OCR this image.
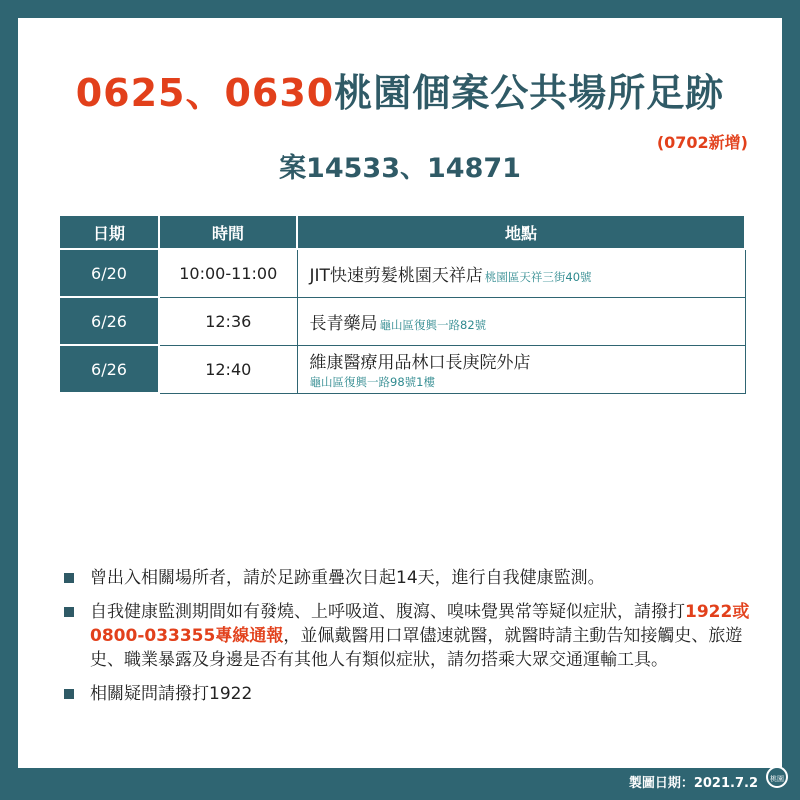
0625、0630桃園個案公共場所足跡
(0702新增)
案14533、14871
日期	時間	地點
6/20	10:00-11:00	JIT快速剪髮桃園天祥店 桃園區天祥三街40號
6/26	12:36	長青藥局 龜山區復興一路82號
6/26	12:40	維康醫療用品林口長庚院外店
龜山區復興一路98號1樓
曾出入相關場所者，請於足跡重疊次日起14天，進行自我健康監測。
自我健康監測期間如有發燒、上呼吸道、腹瀉、嗅味覺異常等疑似症狀，請撥打1922或0800-033355專線通報，並佩戴醫用口罩儘速就醫，就醫時請主動告知接觸史、旅遊史、職業暴露及身邊是否有其他人有類似症狀，請勿搭乘大眾交通運輸工具。
相關疑問請撥打1922
製圖日期：2021.7.2	桃園
